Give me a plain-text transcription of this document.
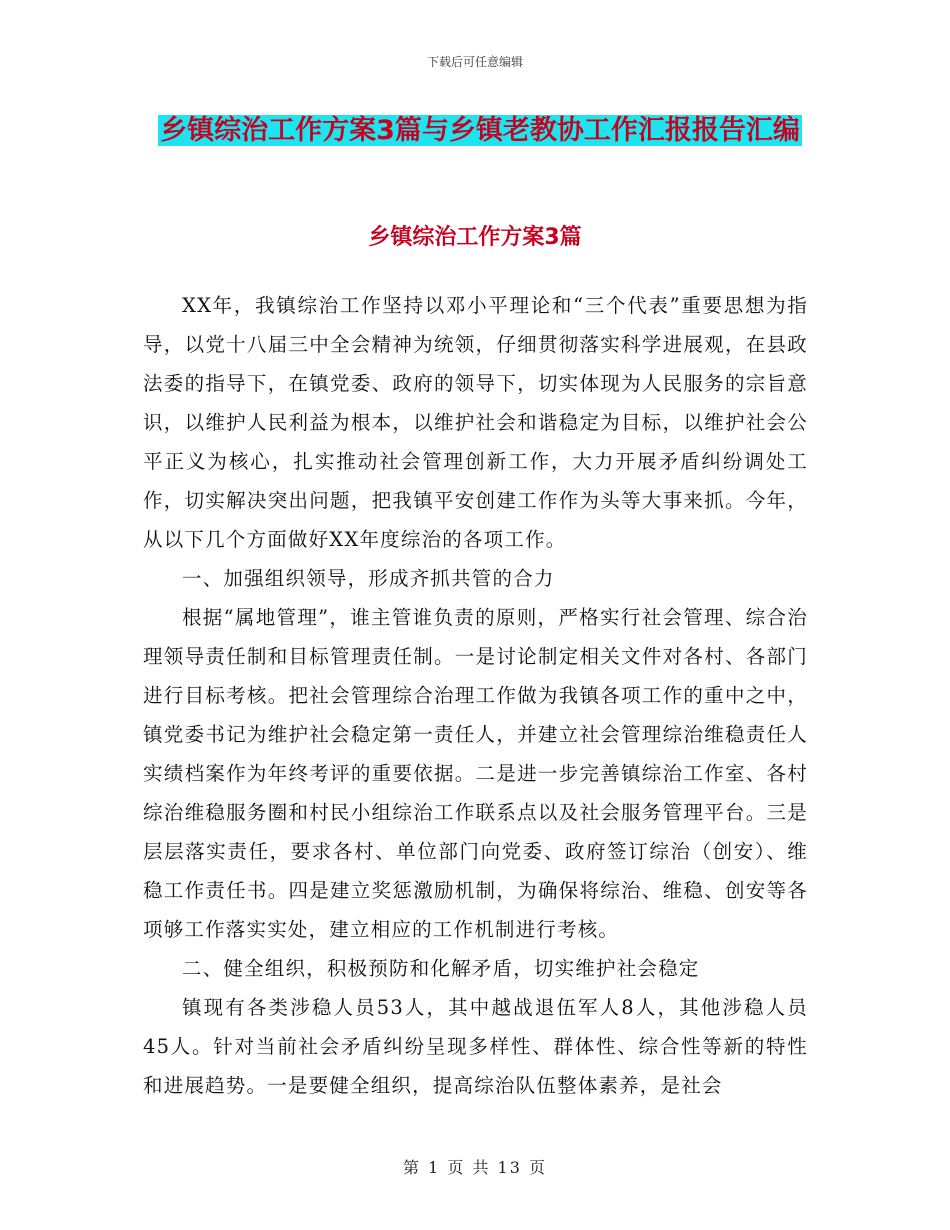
下载后可任意编辑
乡镇综治工作方案3篇与乡镇老教协工作汇报报告汇编
乡镇综治工作方案3篇

XX年，我镇综治工作坚持以邓小平理论和“三个代表”重要思想为指导，以党十八届三中全会精神为统领，仔细贯彻落实科学进展观，在县政法委的指导下，在镇党委、政府的领导下，切实体现为人民服务的宗旨意识，以维护人民利益为根本，以维护社会和谐稳定为目标，以维护社会公平正义为核心，扎实推动社会管理创新工作，大力开展矛盾纠纷调处工作，切实解决突出问题，把我镇平安创建工作作为头等大事来抓。今年，从以下几个方面做好XX年度综治的各项工作。

一、加强组织领导，形成齐抓共管的合力

根据“属地管理”，谁主管谁负责的原则，严格实行社会管理、综合治理领导责任制和目标管理责任制。一是讨论制定相关文件对各村、各部门进行目标考核。把社会管理综合治理工作做为我镇各项工作的重中之中，镇党委书记为维护社会稳定第一责任人，并建立社会管理综治维稳责任人实绩档案作为年终考评的重要依据。二是进一步完善镇综治工作室、各村综治维稳服务圈和村民小组综治工作联系点以及社会服务管理平台。三是层层落实责任，要求各村、单位部门向党委、政府签订综治（创安）、维稳工作责任书。四是建立奖惩激励机制，为确保将综治、维稳、创安等各项够工作落实实处，建立相应的工作机制进行考核。

二、健全组织，积极预防和化解矛盾，切实维护社会稳定

镇现有各类涉稳人员53人，其中越战退伍军人8人，其他涉稳人员45人。针对当前社会矛盾纠纷呈现多样性、群体性、综合性等新的特性和进展趋势。一是要健全组织，提高综治队伍整体素养，是社会

第 1 页 共 13 页
